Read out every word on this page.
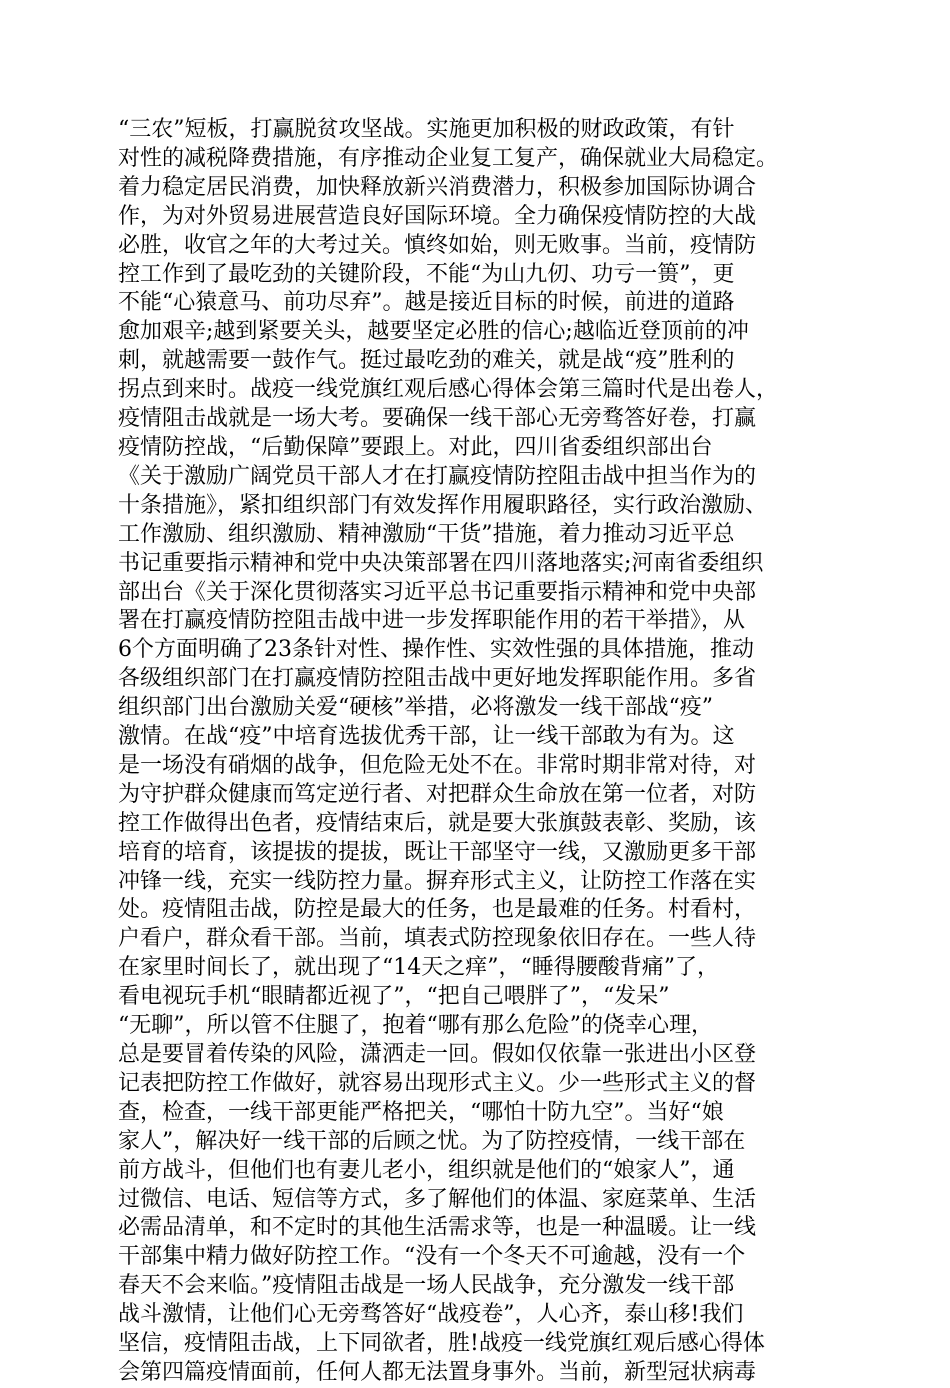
“三农”短板，打赢脱贫攻坚战。实施更加积极的财政政策，有针
对性的减税降费措施，有序推动企业复工复产，确保就业大局稳定。
着力稳定居民消费，加快释放新兴消费潜力，积极参加国际协调合
作，为对外贸易进展营造良好国际环境。全力确保疫情防控的大战
必胜，收官之年的大考过关。慎终如始，则无败事。当前，疫情防
控工作到了最吃劲的关键阶段，不能“为山九仞、功亏一篑”，更
不能“心猿意马、前功尽弃”。越是接近目标的时候，前进的道路
愈加艰辛;越到紧要关头，越要坚定必胜的信心;越临近登顶前的冲
刺，就越需要一鼓作气。挺过最吃劲的难关，就是战“疫”胜利的
拐点到来时。战疫一线党旗红观后感心得体会第三篇时代是出卷人，
疫情阻击战就是一场大考。要确保一线干部心无旁骛答好卷，打赢
疫情防控战，“后勤保障”要跟上。对此，四川省委组织部出台
《关于激励广阔党员干部人才在打赢疫情防控阻击战中担当作为的
十条措施》，紧扣组织部门有效发挥作用履职路径，实行政治激励、
工作激励、组织激励、精神激励“干货”措施，着力推动习近平总
书记重要指示精神和党中央决策部署在四川落地落实;河南省委组织
部出台《关于深化贯彻落实习近平总书记重要指示精神和党中央部
署在打赢疫情防控阻击战中进一步发挥职能作用的若干举措》，从
6个方面明确了23条针对性、操作性、实效性强的具体措施，推动
各级组织部门在打赢疫情防控阻击战中更好地发挥职能作用。多省
组织部门出台激励关爱“硬核”举措，必将激发一线干部战“疫”
激情。在战“疫”中培育选拔优秀干部，让一线干部敢为有为。这
是一场没有硝烟的战争，但危险无处不在。非常时期非常对待，对
为守护群众健康而笃定逆行者、对把群众生命放在第一位者，对防
控工作做得出色者，疫情结束后，就是要大张旗鼓表彰、奖励，该
培育的培育，该提拔的提拔，既让干部坚守一线，又激励更多干部
冲锋一线，充实一线防控力量。摒弃形式主义，让防控工作落在实
处。疫情阻击战，防控是最大的任务，也是最难的任务。村看村，
户看户，群众看干部。当前，填表式防控现象依旧存在。一些人待
在家里时间长了，就出现了“14天之痒”，“睡得腰酸背痛”了，
看电视玩手机“眼睛都近视了”，“把自己喂胖了”，“发呆”
“无聊”，所以管不住腿了，抱着“哪有那么危险”的侥幸心理，
总是要冒着传染的风险，潇洒走一回。假如仅依靠一张进出小区登
记表把防控工作做好，就容易出现形式主义。少一些形式主义的督
查，检查，一线干部更能严格把关，“哪怕十防九空”。当好“娘
家人”，解决好一线干部的后顾之忧。为了防控疫情，一线干部在
前方战斗，但他们也有妻儿老小，组织就是他们的“娘家人”，通
过微信、电话、短信等方式，多了解他们的体温、家庭菜单、生活
必需品清单，和不定时的其他生活需求等，也是一种温暖。让一线
干部集中精力做好防控工作。“没有一个冬天不可逾越，没有一个
春天不会来临。”疫情阻击战是一场人民战争，充分激发一线干部
战斗激情，让他们心无旁骛答好“战疫卷”，人心齐，泰山移!我们
坚信，疫情阻击战，上下同欲者，胜!战疫一线党旗红观后感心得体
会第四篇疫情面前，任何人都无法置身事外。当前，新型冠状病毒
